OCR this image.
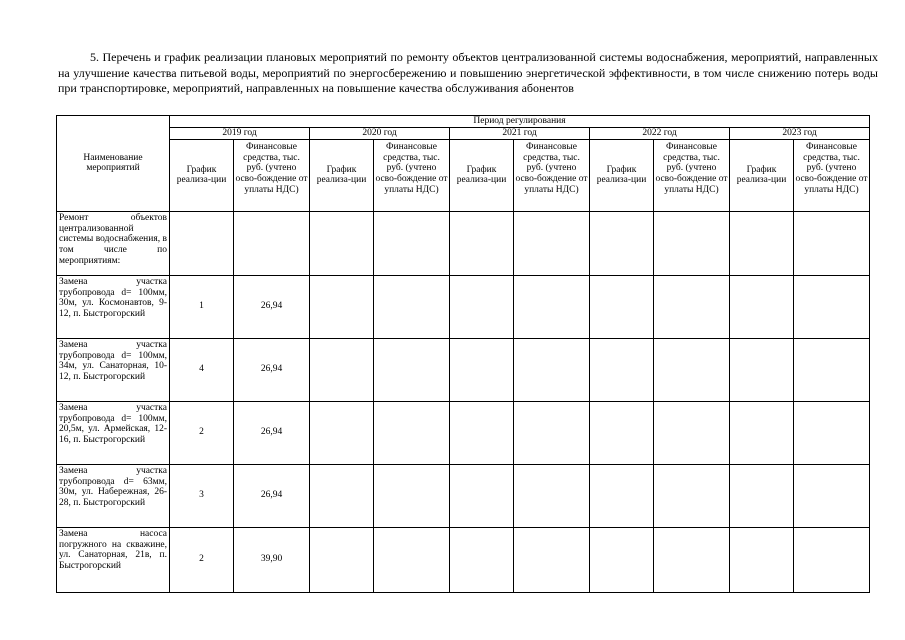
5. Перечень и график реализации плановых мероприятий по ремонту объектов централизованной системы водоснабжения, мероприятий, направленных на улучшение качества питьевой воды, мероприятий по энергосбережению и повышению энергетической эффективности, в том числе снижению потерь воды при транспортировке, мероприятий, направленных на повышение качества обслуживания абонентов

Наименование мероприятий	Период регулирования									
	2019 год		2020 год		2021 год		2022 год		2023 год	
	График реализа-ции	Финансовые средства, тыс. руб. (учтено осво-бождение от уплаты НДС)	График реализа-ции	Финансовые средства, тыс. руб. (учтено осво-бождение от уплаты НДС)	График реализа-ции	Финансовые средства, тыс. руб. (учтено осво-бождение от уплаты НДС)	График реализа-ции	Финансовые средства, тыс. руб. (учтено осво-бождение от уплаты НДС)	График реализа-ции	Финансовые средства, тыс. руб. (учтено осво-бождение от уплаты НДС)
Ремонт объектов централизованной системы водоснабжения, в том числе по мероприятиям:										
Замена участка трубопровода d= 100мм, 30м, ул. Космонавтов, 9-12, п. Быстрогорский	1	26,94								
Замена участка трубопровода d= 100мм, 34м, ул. Санаторная, 10-12, п. Быстрогорский	4	26,94								
Замена участка трубопровода d= 100мм, 20,5м, ул. Армейская, 12-16, п. Быстрогорский	2	26,94								
Замена участка трубопровода d= 63мм, 30м, ул. Набережная, 26-28, п. Быстрогорский	3	26,94								
Замена насоса погружного на скважине, ул. Санаторная, 21в, п. Быстрогорский	2	39,90								
